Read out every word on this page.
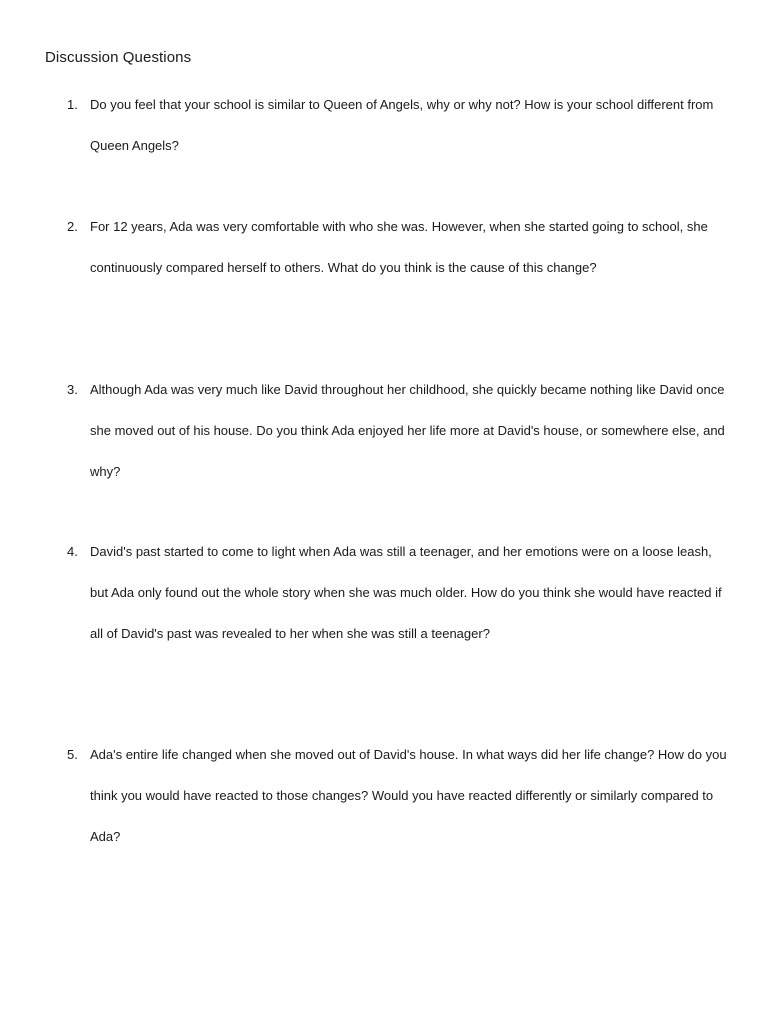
Discussion Questions
1. Do you feel that your school is similar to Queen of Angels, why or why not? How is your school different from Queen Angels?

2. For 12 years, Ada was very comfortable with who she was. However, when she started going to school, she continuously compared herself to others. What do you think is the cause of this change?

3. Although Ada was very much like David throughout her childhood, she quickly became nothing like David once she moved out of his house. Do you think Ada enjoyed her life more at David's house, or somewhere else, and why?

4. David's past started to come to light when Ada was still a teenager, and her emotions were on a loose leash, but Ada only found out the whole story when she was much older. How do you think she would have reacted if all of David's past was revealed to her when she was still a teenager?

5. Ada's entire life changed when she moved out of David's house. In what ways did her life change? How do you think you would have reacted to those changes? Would you have reacted differently or similarly compared to Ada?
